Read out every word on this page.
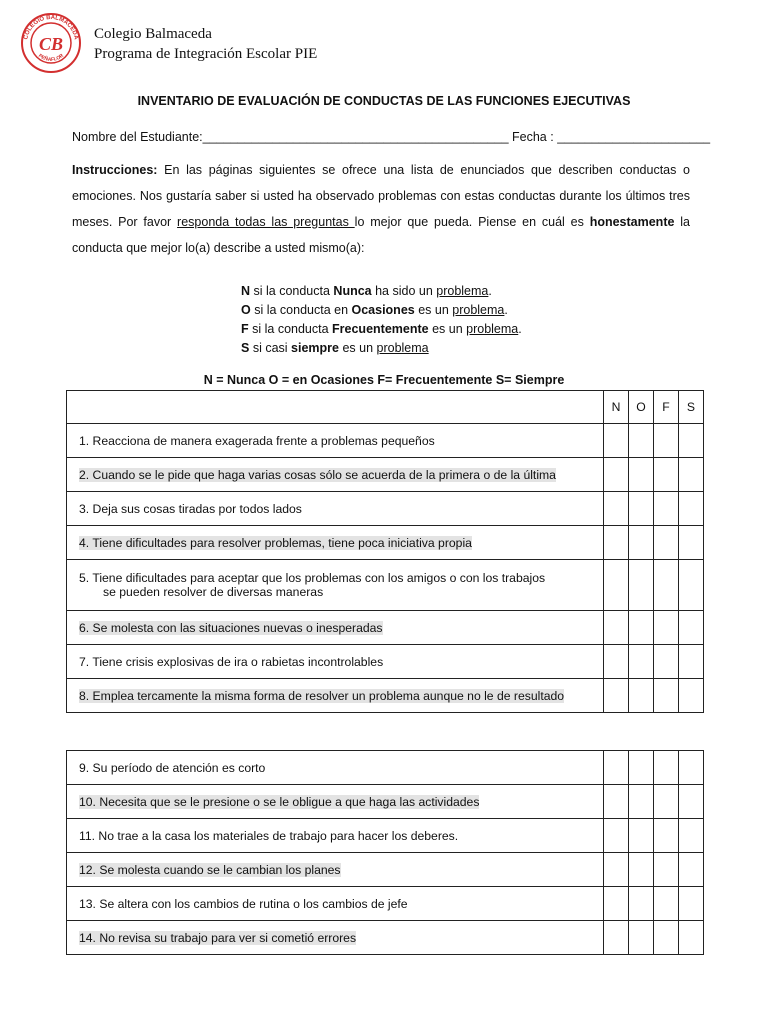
COLEGIO BALMACEDA
PEÑAFLOR
CB Colegio Balmaceda
Programa de Integración Escolar PIE
INVENTARIO DE EVALUACIÓN DE CONDUCTAS DE LAS FUNCIONES EJECUTIVAS
Nombre del Estudiante:____________________________________________ Fecha : ______________________
Instrucciones: En las páginas siguientes se ofrece una lista de enunciados que describen conductas o emociones. Nos gustaría saber si usted ha observado problemas con estas conductas durante los últimos tres meses. Por favor responda todas las preguntas lo mejor que pueda. Piense en cuál es honestamente la conducta que mejor lo(a) describe a usted mismo(a):
N si la conducta Nunca ha sido un problema.
O si la conducta en Ocasiones es un problema.
F si la conducta Frecuentemente es un problema.
S si casi siempre es un problema
N = Nunca O = en Ocasiones F= Frecuentemente S= Siempre
	N	O	F	S
1. Reacciona de manera exagerada frente a problemas pequeños				
2. Cuando se le pide que haga varias cosas sólo se acuerda de la primera o de la última				
3. Deja sus cosas tiradas por todos lados				
4. Tiene dificultades para resolver problemas, tiene poca iniciativa propia				
5. Tiene dificultades para aceptar que los problemas con los amigos o con los trabajos
se pueden resolver de diversas maneras				

6. Se molesta con las situaciones nuevas o inesperadas				
7. Tiene crisis explosivas de ira o rabietas incontrolables				
8. Emplea tercamente la misma forma de resolver un problema aunque no le de resultado				
9. Su período de atención es corto				
10. Necesita que se le presione o se le obligue a que haga las actividades				
11. No trae a la casa los materiales de trabajo para hacer los deberes.				
12. Se molesta cuando se le cambian los planes				
13. Se altera con los cambios de rutina o los cambios de jefe				
14. No revisa su trabajo para ver si cometió errores				
